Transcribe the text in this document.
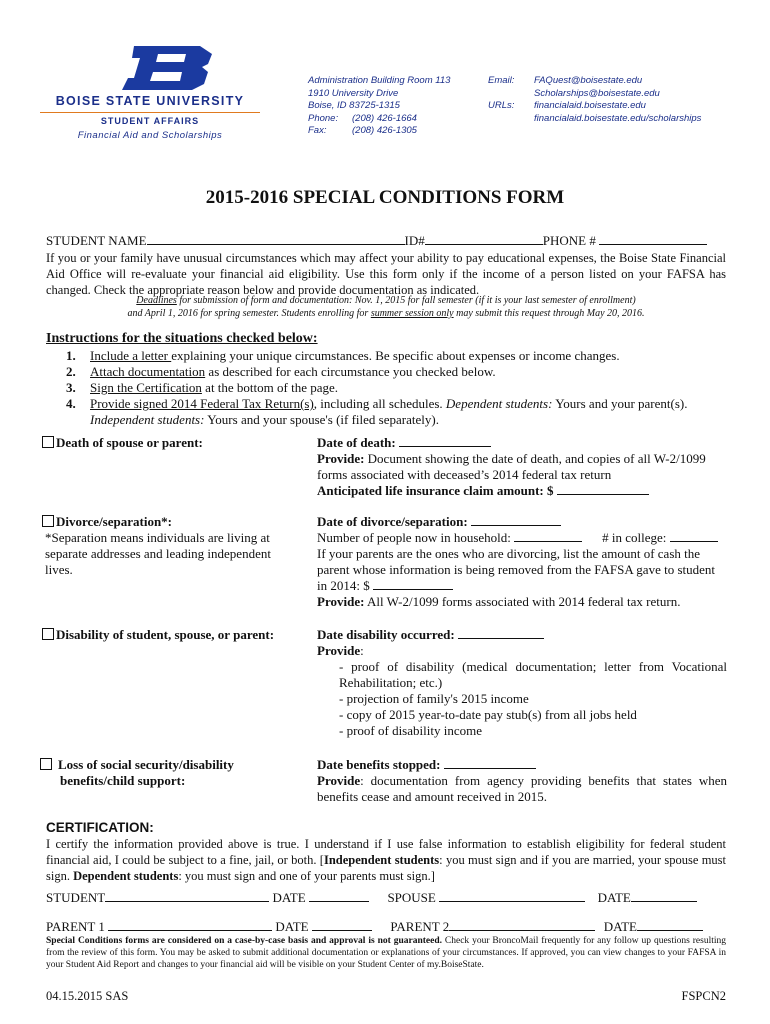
BOISE STATE UNIVERSITY
STUDENT AFFAIRS
Financial Aid and Scholarships
Administration Building Room 113
1910 University Drive
Boise, ID 83725-1315
Phone: (208) 426-1664
Fax:	(208) 426-1305
Email: FAQuest@boisestate.edu
Scholarships@boisestate.edu
URLs: financialaid.boisestate.edu
financialaid.boisestate.edu/scholarships
2015-2016 SPECIAL CONDITIONS FORM
STUDENT NAME	ID#	PHONE #
If you or your family have unusual circumstances which may affect your ability to pay educational expenses, the Boise State Financial Aid Office will re-evaluate your financial aid eligibility. Use this form only if the income of a person listed on your FAFSA has changed. Check the appropriate reason below and provide documentation as indicated.
Deadlines for submission of form and documentation: Nov. 1, 2015 for fall semester (if it is your last semester of enrollment)
and April 1, 2016 for spring semester. Students enrolling for summer session only may submit this request through May 20, 2016.
Instructions for the situations checked below:
1. Include a letter explaining your unique circumstances. Be specific about expenses or income changes.
2. Attach documentation as described for each circumstance you checked below.
3. Sign the Certification at the bottom of the page.
4. Provide signed 2014 Federal Tax Return(s), including all schedules. Dependent students: Yours and your parent(s).
Independent students: Yours and your spouse's (if filed separately).
Death of spouse or parent:	Date of death:
Provide: Document showing the date of death, and copies of all W-2/1099 forms associated with deceased’s 2014 federal tax return
Anticipated life insurance claim amount: $
Divorce/separation*:
*Separation means individuals are living at separate addresses and leading independent lives.
Date of divorce/separation:
Number of people now in household:	# in college:
If your parents are the ones who are divorcing, list the amount of cash the parent whose information is being removed from the FAFSA gave to student in 2014: $
Provide: All W-2/1099 forms associated with 2014 federal tax return.
Disability of student, spouse, or parent:	Date disability occurred:
Provide:
- proof of disability (medical documentation; letter from Vocational Rehabilitation; etc.)
- projection of family's 2015 income
- copy of 2015 year-to-date pay stub(s) from all jobs held
- proof of disability income
Loss of social security/disability
benefits/child support:
Date benefits stopped:
Provide: documentation from agency providing benefits that states when benefits cease and amount received in 2015.
CERTIFICATION:
I certify the information provided above is true. I understand if I use false information to establish eligibility for federal student financial aid, I could be subject to a fine, jail, or both. [Independent students: you must sign and if you are married, your spouse must sign. Dependent students: you must sign and one of your parents must sign.]
STUDENT	DATE	SPOUSE	DATE
PARENT 1	DATE	PARENT 2	DATE
Special Conditions forms are considered on a case-by-case basis and approval is not guaranteed. Check your BroncoMail frequently for any follow up questions resulting from the review of this form. You may be asked to submit additional documentation or explanations of your circumstances. If approved, you can view changes to your FAFSA in your Student Aid Report and changes to your financial aid will be visible on your Student Center of my.BoiseState.
04.15.2015 SAS	FSPCN2
